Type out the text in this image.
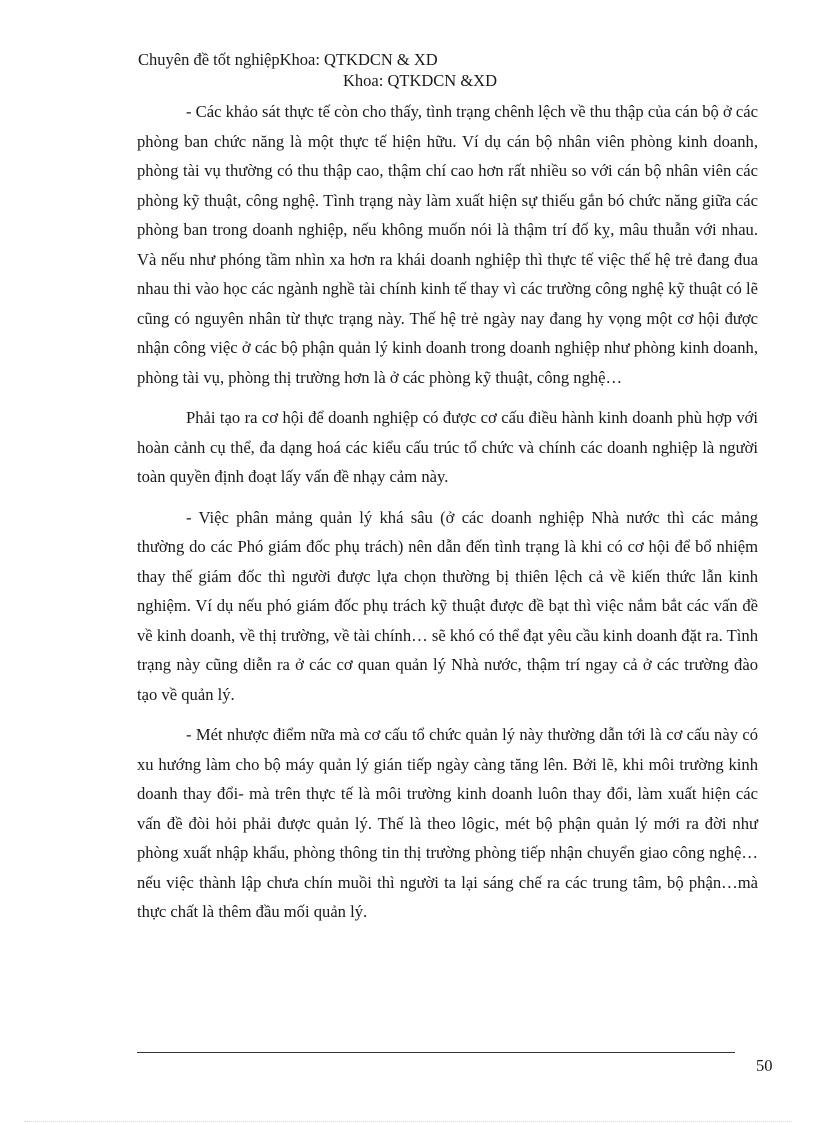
Chuyên đề tốt nghiệpKhoa: QTKDCN & XD
Khoa: QTKDCN &XD

- Các khảo sát thực tế còn cho thấy, tình trạng chênh lệch về thu thập của cán bộ ở các phòng ban chức năng là một thực tế hiện hữu. Ví dụ cán bộ nhân viên phòng kinh doanh, phòng tài vụ thường có thu thập cao, thậm chí cao hơn rất nhiều so với cán bộ nhân viên các phòng kỹ thuật, công nghệ. Tình trạng này làm xuất hiện sự thiếu gắn bó chức năng giữa các phòng ban trong doanh nghiệp, nếu không muốn nói là thậm trí đố kỵ, mâu thuẫn với nhau. Và nếu như phóng tầm nhìn xa hơn ra khái doanh nghiệp thì thực tế việc thế hệ trẻ đang đua nhau thi vào học các ngành nghề tài chính kinh tế thay vì các trường công nghệ kỹ thuật có lẽ cũng có nguyên nhân từ thực trạng này. Thế hệ trẻ ngày nay đang hy vọng một cơ hội được nhận công việc ở các bộ phận quản lý kinh doanh trong doanh nghiệp như phòng kinh doanh, phòng tài vụ, phòng thị trường hơn là ở các phòng kỹ thuật, công nghệ…

Phải tạo ra cơ hội để doanh nghiệp có được cơ cấu điều hành kinh doanh phù hợp với hoàn cảnh cụ thể, đa dạng hoá các kiểu cấu trúc tổ chức và chính các doanh nghiệp là người toàn quyền định đoạt lấy vấn đề nhạy cảm này.

- Việc phân mảng quản lý khá sâu (ở các doanh nghiệp Nhà nước thì các mảng thường do các Phó giám đốc phụ trách) nên dẫn đến tình trạng là khi có cơ hội để bổ nhiệm thay thế giám đốc thì người được lựa chọn thường bị thiên lệch cả về kiến thức lẫn kinh nghiệm. Ví dụ nếu phó giám đốc phụ trách kỹ thuật được đề bạt thì việc nắm bắt các vấn đề về kinh doanh, về thị trường, về tài chính… sẽ khó có thể đạt yêu cầu kinh doanh đặt ra. Tình trạng này cũng diễn ra ở các cơ quan quản lý Nhà nước, thậm trí ngay cả ở các trường đào tạo về quản lý.

- Mét nhược điểm nữa mà cơ cấu tổ chức quản lý này thường dẫn tới là cơ cấu này có xu hướng làm cho bộ máy quản lý gián tiếp ngày càng tăng lên. Bởi lẽ, khi môi trường kinh doanh thay đổi- mà trên thực tế là môi trường kinh doanh luôn thay đổi, làm xuất hiện các vấn đề đòi hỏi phải được quản lý. Thế là theo lôgic, mét bộ phận quản lý mới ra đời như phòng xuất nhập khẩu, phòng thông tin thị trường phòng tiếp nhận chuyển giao công nghệ… nếu việc thành lập chưa chín muồi thì người ta lại sáng chế ra các trung tâm, bộ phận…mà thực chất là thêm đầu mối quản lý.

50
